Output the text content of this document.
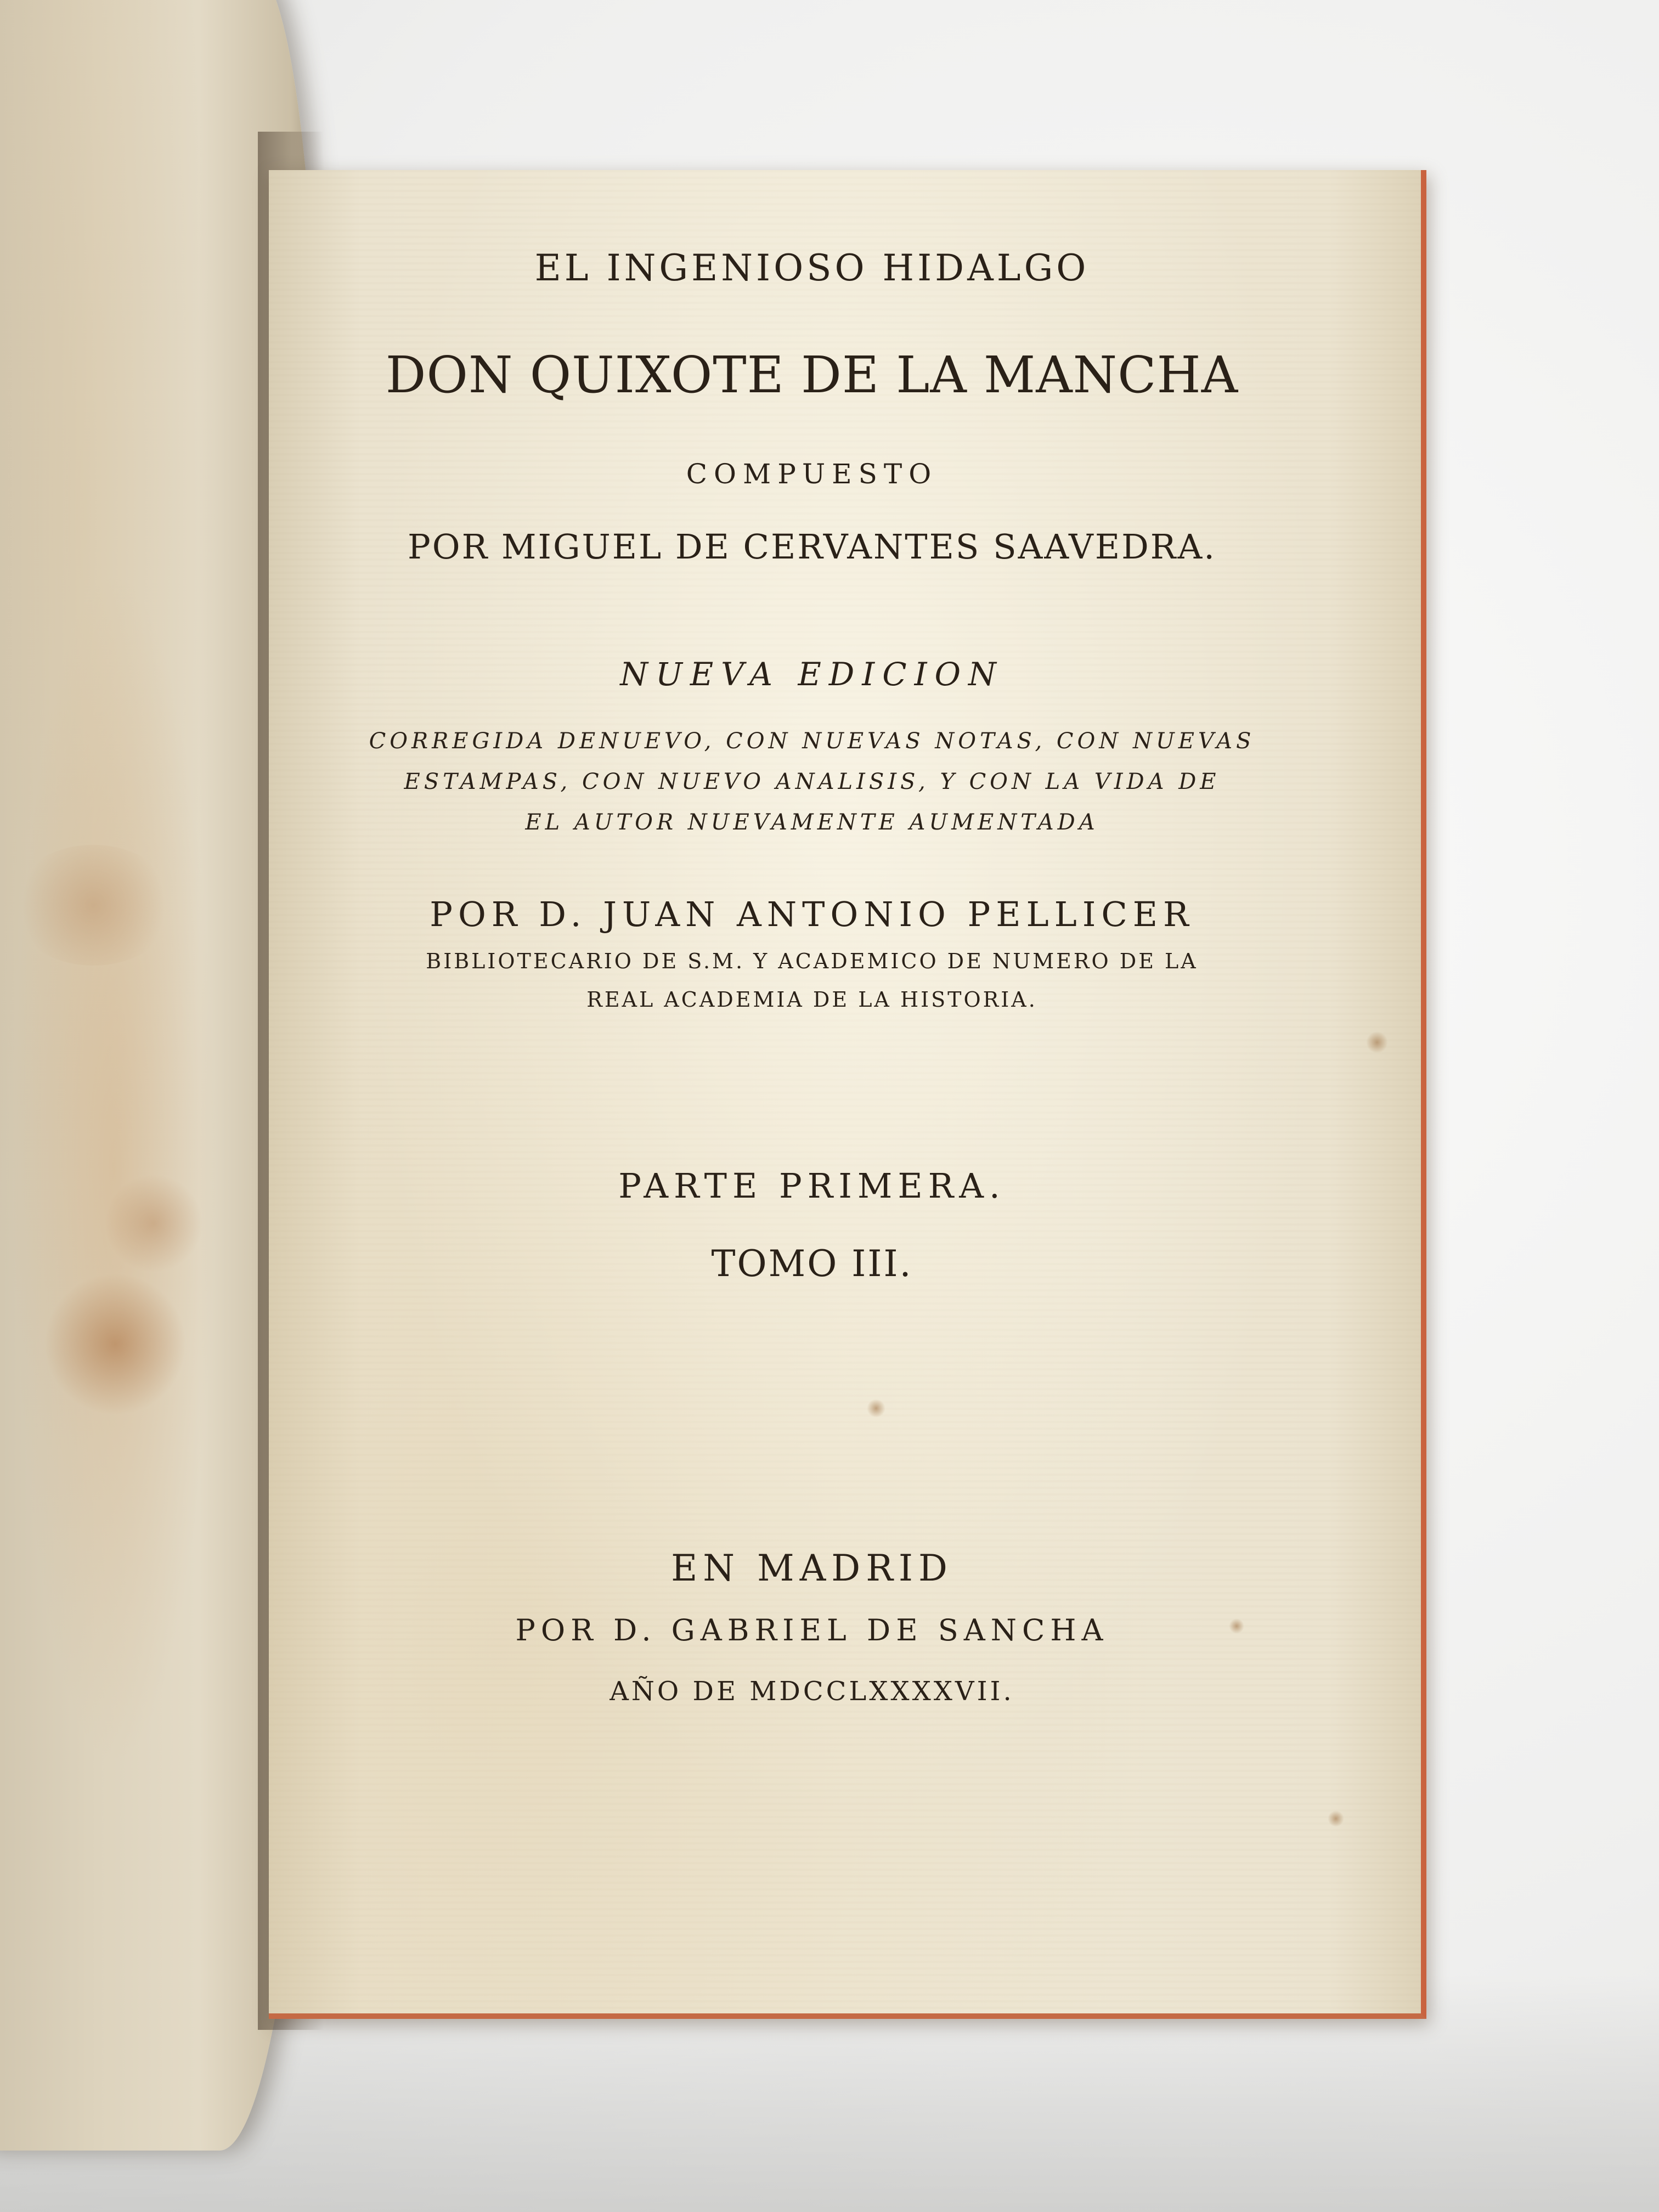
EL INGENIOSO HIDALGO

DON QUIXOTE DE LA MANCHA

COMPUESTO

POR MIGUEL DE CERVANTES SAAVEDRA.

NUEVA EDICION

CORREGIDA DENUEVO, CON NUEVAS NOTAS, CON NUEVAS

ESTAMPAS, CON NUEVO ANALISIS, Y CON LA VIDA DE

EL AUTOR NUEVAMENTE AUMENTADA

POR D. JUAN ANTONIO PELLICER

BIBLIOTECARIO DE S.M. Y ACADEMICO DE NUMERO DE LA

REAL ACADEMIA DE LA HISTORIA.

PARTE PRIMERA.

TOMO III.

EN MADRID

POR D. GABRIEL DE SANCHA

AÑO DE MDCCLXXXXVII.
